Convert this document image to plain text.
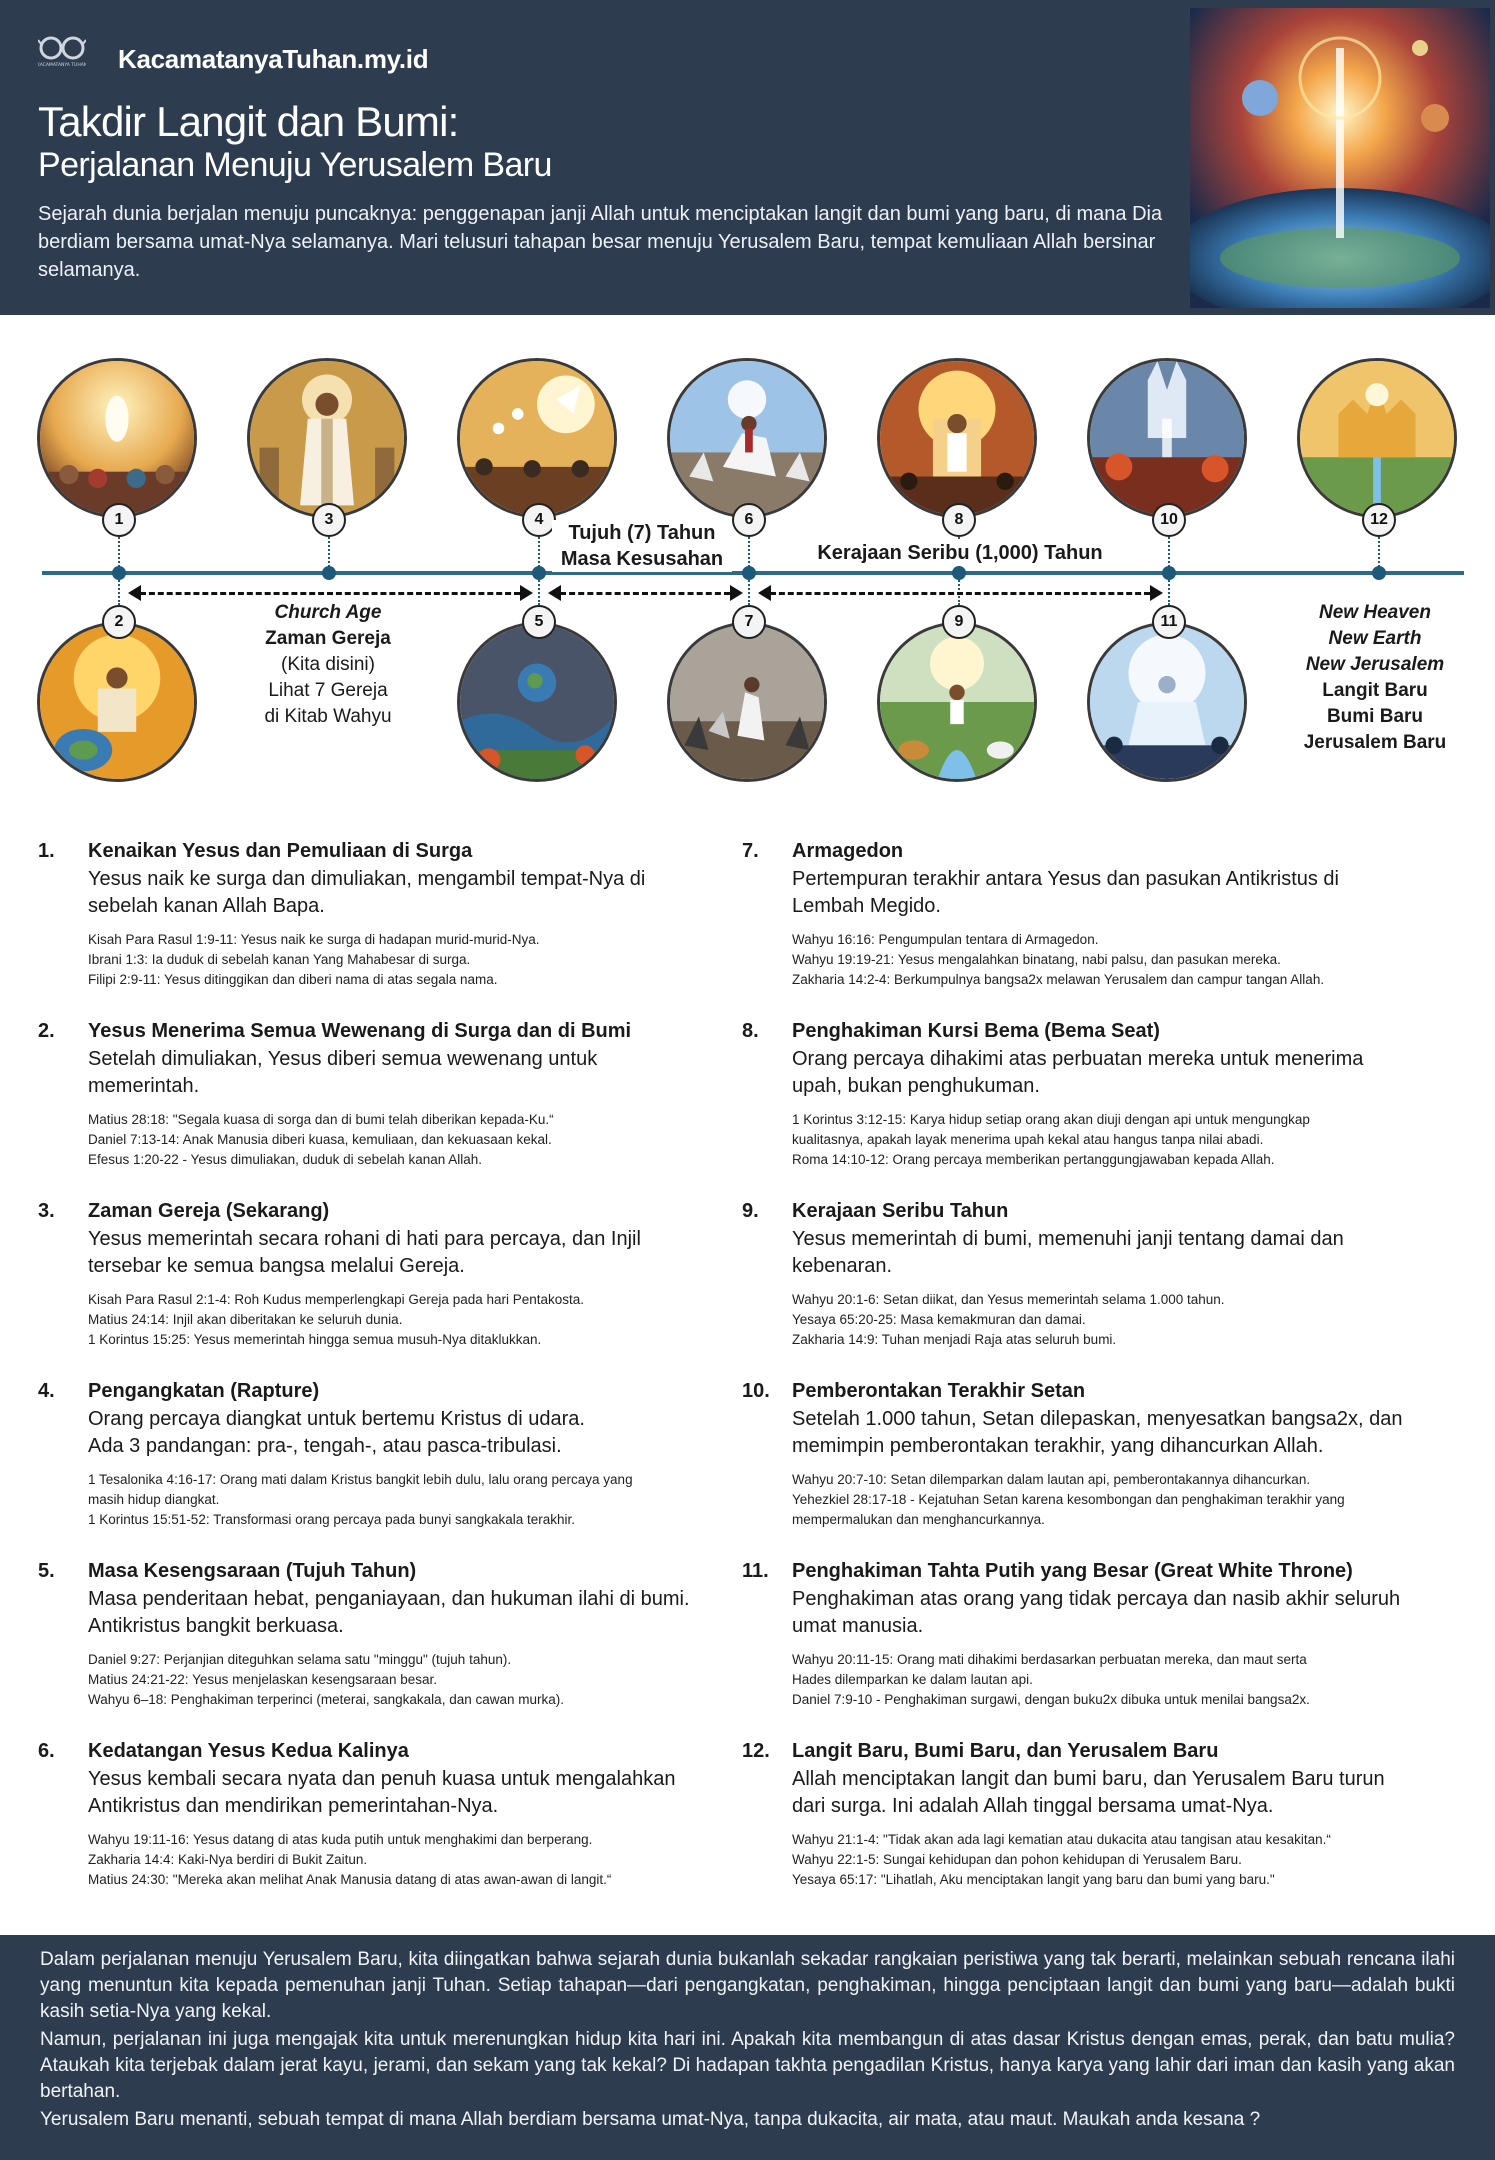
KACAMATANYA TUHAN KacamatanyaTuhan.my.id
Takdir Langit dan Bumi:
Perjalanan Menuju Yerusalem Baru
Sejarah dunia berjalan menuju puncaknya: penggenapan janji Allah untuk menciptakan langit dan bumi yang baru, di mana Dia berdiam bersama umat-Nya selamanya. Mari telusuri tahapan besar menuju Yerusalem Baru, tempat kemuliaan Allah bersinar selamanya.
1	3	4	6	8	10	12
2	5	7	9	11
Tujuh (7) Tahun
Masa Kesusahan	Kerajaan Seribu (1,000) Tahun
Church Age
Zaman Gereja
(Kita disini)
Lihat 7 Gereja
di Kitab Wahyu
New Heaven
New Earth
New Jerusalem
Langit Baru
Bumi Baru
Jerusalem Baru
1. Kenaikan Yesus dan Pemuliaan di Surga
Yesus naik ke surga dan dimuliakan, mengambil tempat-Nya di
sebelah kanan Allah Bapa.
Kisah Para Rasul 1:9-11: Yesus naik ke surga di hadapan murid-murid-Nya.
Ibrani 1:3: Ia duduk di sebelah kanan Yang Mahabesar di surga.
Filipi 2:9-11: Yesus ditinggikan dan diberi nama di atas segala nama.
2. Yesus Menerima Semua Wewenang di Surga dan di Bumi
Setelah dimuliakan, Yesus diberi semua wewenang untuk
memerintah.
Matius 28:18: "Segala kuasa di sorga dan di bumi telah diberikan kepada-Ku.“
Daniel 7:13-14: Anak Manusia diberi kuasa, kemuliaan, dan kekuasaan kekal.
Efesus 1:20-22 - Yesus dimuliakan, duduk di sebelah kanan Allah.
3. Zaman Gereja (Sekarang)
Yesus memerintah secara rohani di hati para percaya, dan Injil
tersebar ke semua bangsa melalui Gereja.
Kisah Para Rasul 2:1-4: Roh Kudus memperlengkapi Gereja pada hari Pentakosta.
Matius 24:14: Injil akan diberitakan ke seluruh dunia.
1 Korintus 15:25: Yesus memerintah hingga semua musuh-Nya ditaklukkan.
4. Pengangkatan (Rapture)
Orang percaya diangkat untuk bertemu Kristus di udara.
Ada 3 pandangan: pra-, tengah-, atau pasca-tribulasi.
1 Tesalonika 4:16-17: Orang mati dalam Kristus bangkit lebih dulu, lalu orang percaya yang
masih hidup diangkat.
1 Korintus 15:51-52: Transformasi orang percaya pada bunyi sangkakala terakhir.
5. Masa Kesengsaraan (Tujuh Tahun)
Masa penderitaan hebat, penganiayaan, dan hukuman ilahi di bumi.
Antikristus bangkit berkuasa.
Daniel 9:27: Perjanjian diteguhkan selama satu "minggu" (tujuh tahun).
Matius 24:21-22: Yesus menjelaskan kesengsaraan besar.
Wahyu 6–18: Penghakiman terperinci (meterai, sangkakala, dan cawan murka).
6. Kedatangan Yesus Kedua Kalinya
Yesus kembali secara nyata dan penuh kuasa untuk mengalahkan
Antikristus dan mendirikan pemerintahan-Nya.
Wahyu 19:11-16: Yesus datang di atas kuda putih untuk menghakimi dan berperang.
Zakharia 14:4: Kaki-Nya berdiri di Bukit Zaitun.
Matius 24:30: "Mereka akan melihat Anak Manusia datang di atas awan-awan di langit.“
7. Armagedon
Pertempuran terakhir antara Yesus dan pasukan Antikristus di
Lembah Megido.
Wahyu 16:16: Pengumpulan tentara di Armagedon.
Wahyu 19:19-21: Yesus mengalahkan binatang, nabi palsu, dan pasukan mereka.
Zakharia 14:2-4: Berkumpulnya bangsa2x melawan Yerusalem dan campur tangan Allah.
8. Penghakiman Kursi Bema (Bema Seat)
Orang percaya dihakimi atas perbuatan mereka untuk menerima
upah, bukan penghukuman.
1 Korintus 3:12-15: Karya hidup setiap orang akan diuji dengan api untuk mengungkap
kualitasnya, apakah layak menerima upah kekal atau hangus tanpa nilai abadi.
Roma 14:10-12: Orang percaya memberikan pertanggungjawaban kepada Allah.
9. Kerajaan Seribu Tahun
Yesus memerintah di bumi, memenuhi janji tentang damai dan
kebenaran.
Wahyu 20:1-6: Setan diikat, dan Yesus memerintah selama 1.000 tahun.
Yesaya 65:20-25: Masa kemakmuran dan damai.
Zakharia 14:9: Tuhan menjadi Raja atas seluruh bumi.
10. Pemberontakan Terakhir Setan
Setelah 1.000 tahun, Setan dilepaskan, menyesatkan bangsa2x, dan
memimpin pemberontakan terakhir, yang dihancurkan Allah.
Wahyu 20:7-10: Setan dilemparkan dalam lautan api, pemberontakannya dihancurkan.
Yehezkiel 28:17-18 - Kejatuhan Setan karena kesombongan dan penghakiman terakhir yang
mempermalukan dan menghancurkannya.
11. Penghakiman Tahta Putih yang Besar (Great White Throne)
Penghakiman atas orang yang tidak percaya dan nasib akhir seluruh
umat manusia.
Wahyu 20:11-15: Orang mati dihakimi berdasarkan perbuatan mereka, dan maut serta
Hades dilemparkan ke dalam lautan api.
Daniel 7:9-10 - Penghakiman surgawi, dengan buku2x dibuka untuk menilai bangsa2x.
12. Langit Baru, Bumi Baru, dan Yerusalem Baru
Allah menciptakan langit dan bumi baru, dan Yerusalem Baru turun
dari surga. Ini adalah Allah tinggal bersama umat-Nya.
Wahyu 21:1-4: "Tidak akan ada lagi kematian atau dukacita atau tangisan atau kesakitan.“
Wahyu 22:1-5: Sungai kehidupan dan pohon kehidupan di Yerusalem Baru.
Yesaya 65:17: "Lihatlah, Aku menciptakan langit yang baru dan bumi yang baru."

Dalam perjalanan menuju Yerusalem Baru, kita diingatkan bahwa sejarah dunia bukanlah sekadar rangkaian peristiwa yang tak berarti, melainkan sebuah rencana ilahi yang menuntun kita kepada pemenuhan janji Tuhan. Setiap tahapan—dari pengangkatan, penghakiman, hingga penciptaan langit dan bumi yang baru—adalah bukti kasih setia-Nya yang kekal.

Namun, perjalanan ini juga mengajak kita untuk merenungkan hidup kita hari ini. Apakah kita membangun di atas dasar Kristus dengan emas, perak, dan batu mulia? Ataukah kita terjebak dalam jerat kayu, jerami, dan sekam yang tak kekal? Di hadapan takhta pengadilan Kristus, hanya karya yang lahir dari iman dan kasih yang akan bertahan.

Yerusalem Baru menanti, sebuah tempat di mana Allah berdiam bersama umat-Nya, tanpa dukacita, air mata, atau maut. Maukah anda kesana ?
